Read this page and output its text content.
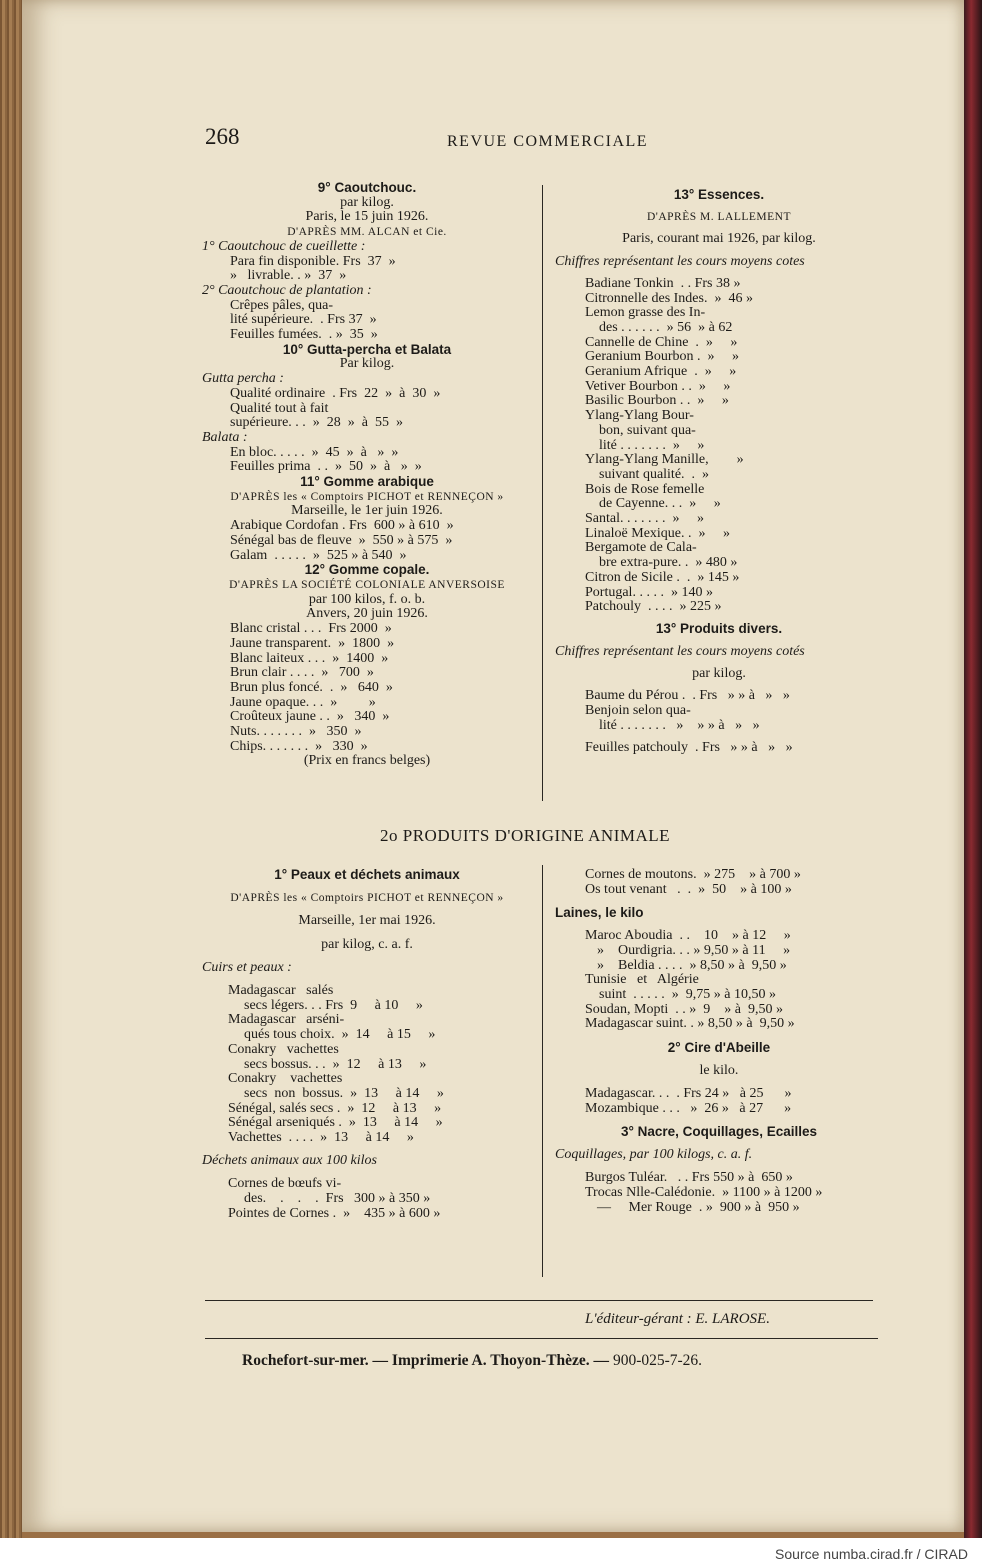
268	REVUE COMMERCIALE
9° Caoutchouc.
par kilog.
Paris, le 15 juin 1926.
D'APRÈS MM. ALCAN et Cie.
1° Caoutchouc de cueillette :
Para fin disponible. Frs  37  »
»   livrable. . »  37  »
2° Caoutchouc de plantation :
Crêpes pâles, qua-
lité supérieure.  . Frs 37  »
Feuilles fumées.  . »  35  »
10° Gutta-percha et Balata
Par kilog.
Gutta percha :
Qualité ordinaire  . Frs  22  »  à  30  »
Qualité tout à fait
supérieure. . .  »  28  »  à  55  »
Balata :
En bloc. . . . .  »  45  »  à   »  »
Feuilles prima  . .  »  50  »  à   »  »
11° Gomme arabique
D'APRÈS les « Comptoirs PICHOT et RENNEÇON »
Marseille, le 1er juin 1926.
Arabique Cordofan . Frs  600 » à 610  »
Sénégal bas de fleuve  »  550 » à 575  »
Galam  . . . . .  »  525 » à 540  »
12° Gomme copale.
D'APRÈS LA SOCIÉTÉ COLONIALE ANVERSOISE
par 100 kilos, f. o. b.
Anvers, 20 juin 1926.
Blanc cristal . . .  Frs 2000  »
Jaune transparent.  »  1800  »
Blanc laiteux . . .  »  1400  »
Brun clair . . . .  »   700  »
Brun plus foncé.  .  »   640  »
Jaune opaque. . .  »         »
Croûteux jaune . .  »   340  »
Nuts. . . . . . .  »   350  »
Chips. . . . . . .  »   330  »
(Prix en francs belges)
13° Essences.
D'APRÈS M. LALLEMENT
Paris, courant mai 1926, par kilog.
Chiffres représentant les cours moyens cotes
Badiane Tonkin  . . Frs 38 »
Citronnelle des Indes.  »  46 »
Lemon grasse des In-
des . . . . . .  » 56  » à 62
Cannelle de Chine  .  »     »
Geranium Bourbon .  »     »
Geranium Afrique  .  »     »
Vetiver Bourbon . .  »     »
Basilic Bourbon . .  »     »
Ylang-Ylang Bour-
bon, suivant qua-
lité . . . . . . .  »     »
Ylang-Ylang Manille,        »
suivant qualité.  .  »
Bois de Rose femelle
de Cayenne. . .  »     »
Santal. . . . . . .  »     »
Linaloë Mexique. .  »     »
Bergamote de Cala-
bre extra-pure. .  » 480 »
Citron de Sicile .  .  » 145 »
Portugal. . . . .  » 140 »
Patchouly  . . . .  » 225 »
13° Produits divers.
Chiffres représentant les cours moyens cotés
par kilog.
Baume du Pérou .  . Frs   » » à   »   »
Benjoin selon qua-
lité . . . . . . .   »    » » à   »   »
Feuilles patchouly  . Frs   » » à   »   »
2o PRODUITS D'ORIGINE ANIMALE
1° Peaux et déchets animaux
D'APRÈS les « Comptoirs PICHOT et RENNEÇON »
Marseille, 1er mai 1926.
par kilog, c. a. f.
Cuirs et peaux :
Madagascar   salés
secs légers. . . Frs  9     à 10     »
Madagascar   arséni-
qués tous choix.  »  14     à 15     »
Conakry   vachettes
secs bossus. . .  »  12     à 13     »
Conakry    vachettes
secs  non  bossus.  »  13     à 14     »
Sénégal, salés secs .  »  12     à 13     »
Sénégal arseniqués .  »  13     à 14     »
Vachettes  . . . .  »  13     à 14     »
Déchets animaux aux 100 kilos
Cornes de bœufs vi-
des.    .    .    .  Frs   300 » à 350 »
Pointes de Cornes .  »    435 » à 600 »
Cornes de moutons.  » 275    » à 700 »
Os tout venant   .  .  »  50    » à 100 »
Laines, le kilo
Maroc Aboudia  . .    10    » à 12     »
»    Ourdigria. . . » 9,50 » à 11     »
»    Beldia . . . .  » 8,50 » à  9,50 »
Tunisie   et   Algérie
suint  . . . . .  »  9,75 » à 10,50 »
Soudan, Mopti  . . »  9    » à  9,50 »
Madagascar suint. . » 8,50 » à  9,50 »
2° Cire d'Abeille
le kilo.
Madagascar. . .  . Frs 24 »   à 25      »
Mozambique . . .   »  26 »   à 27      »
3° Nacre, Coquillages, Ecailles
Coquillages, par 100 kilogs, c. a. f.
Burgos Tuléar.   . . Frs 550 » à  650 »
Trocas Nlle-Calédonie.  » 1100 » à 1200 »
—     Mer Rouge  . »  900 » à  950 »
L'éditeur-gérant : E. LAROSE.
Rochefort-sur-mer. — Imprimerie A. Thoyon-Thèze. — 900-025-7-26.
Source numba.cirad.fr / CIRAD
